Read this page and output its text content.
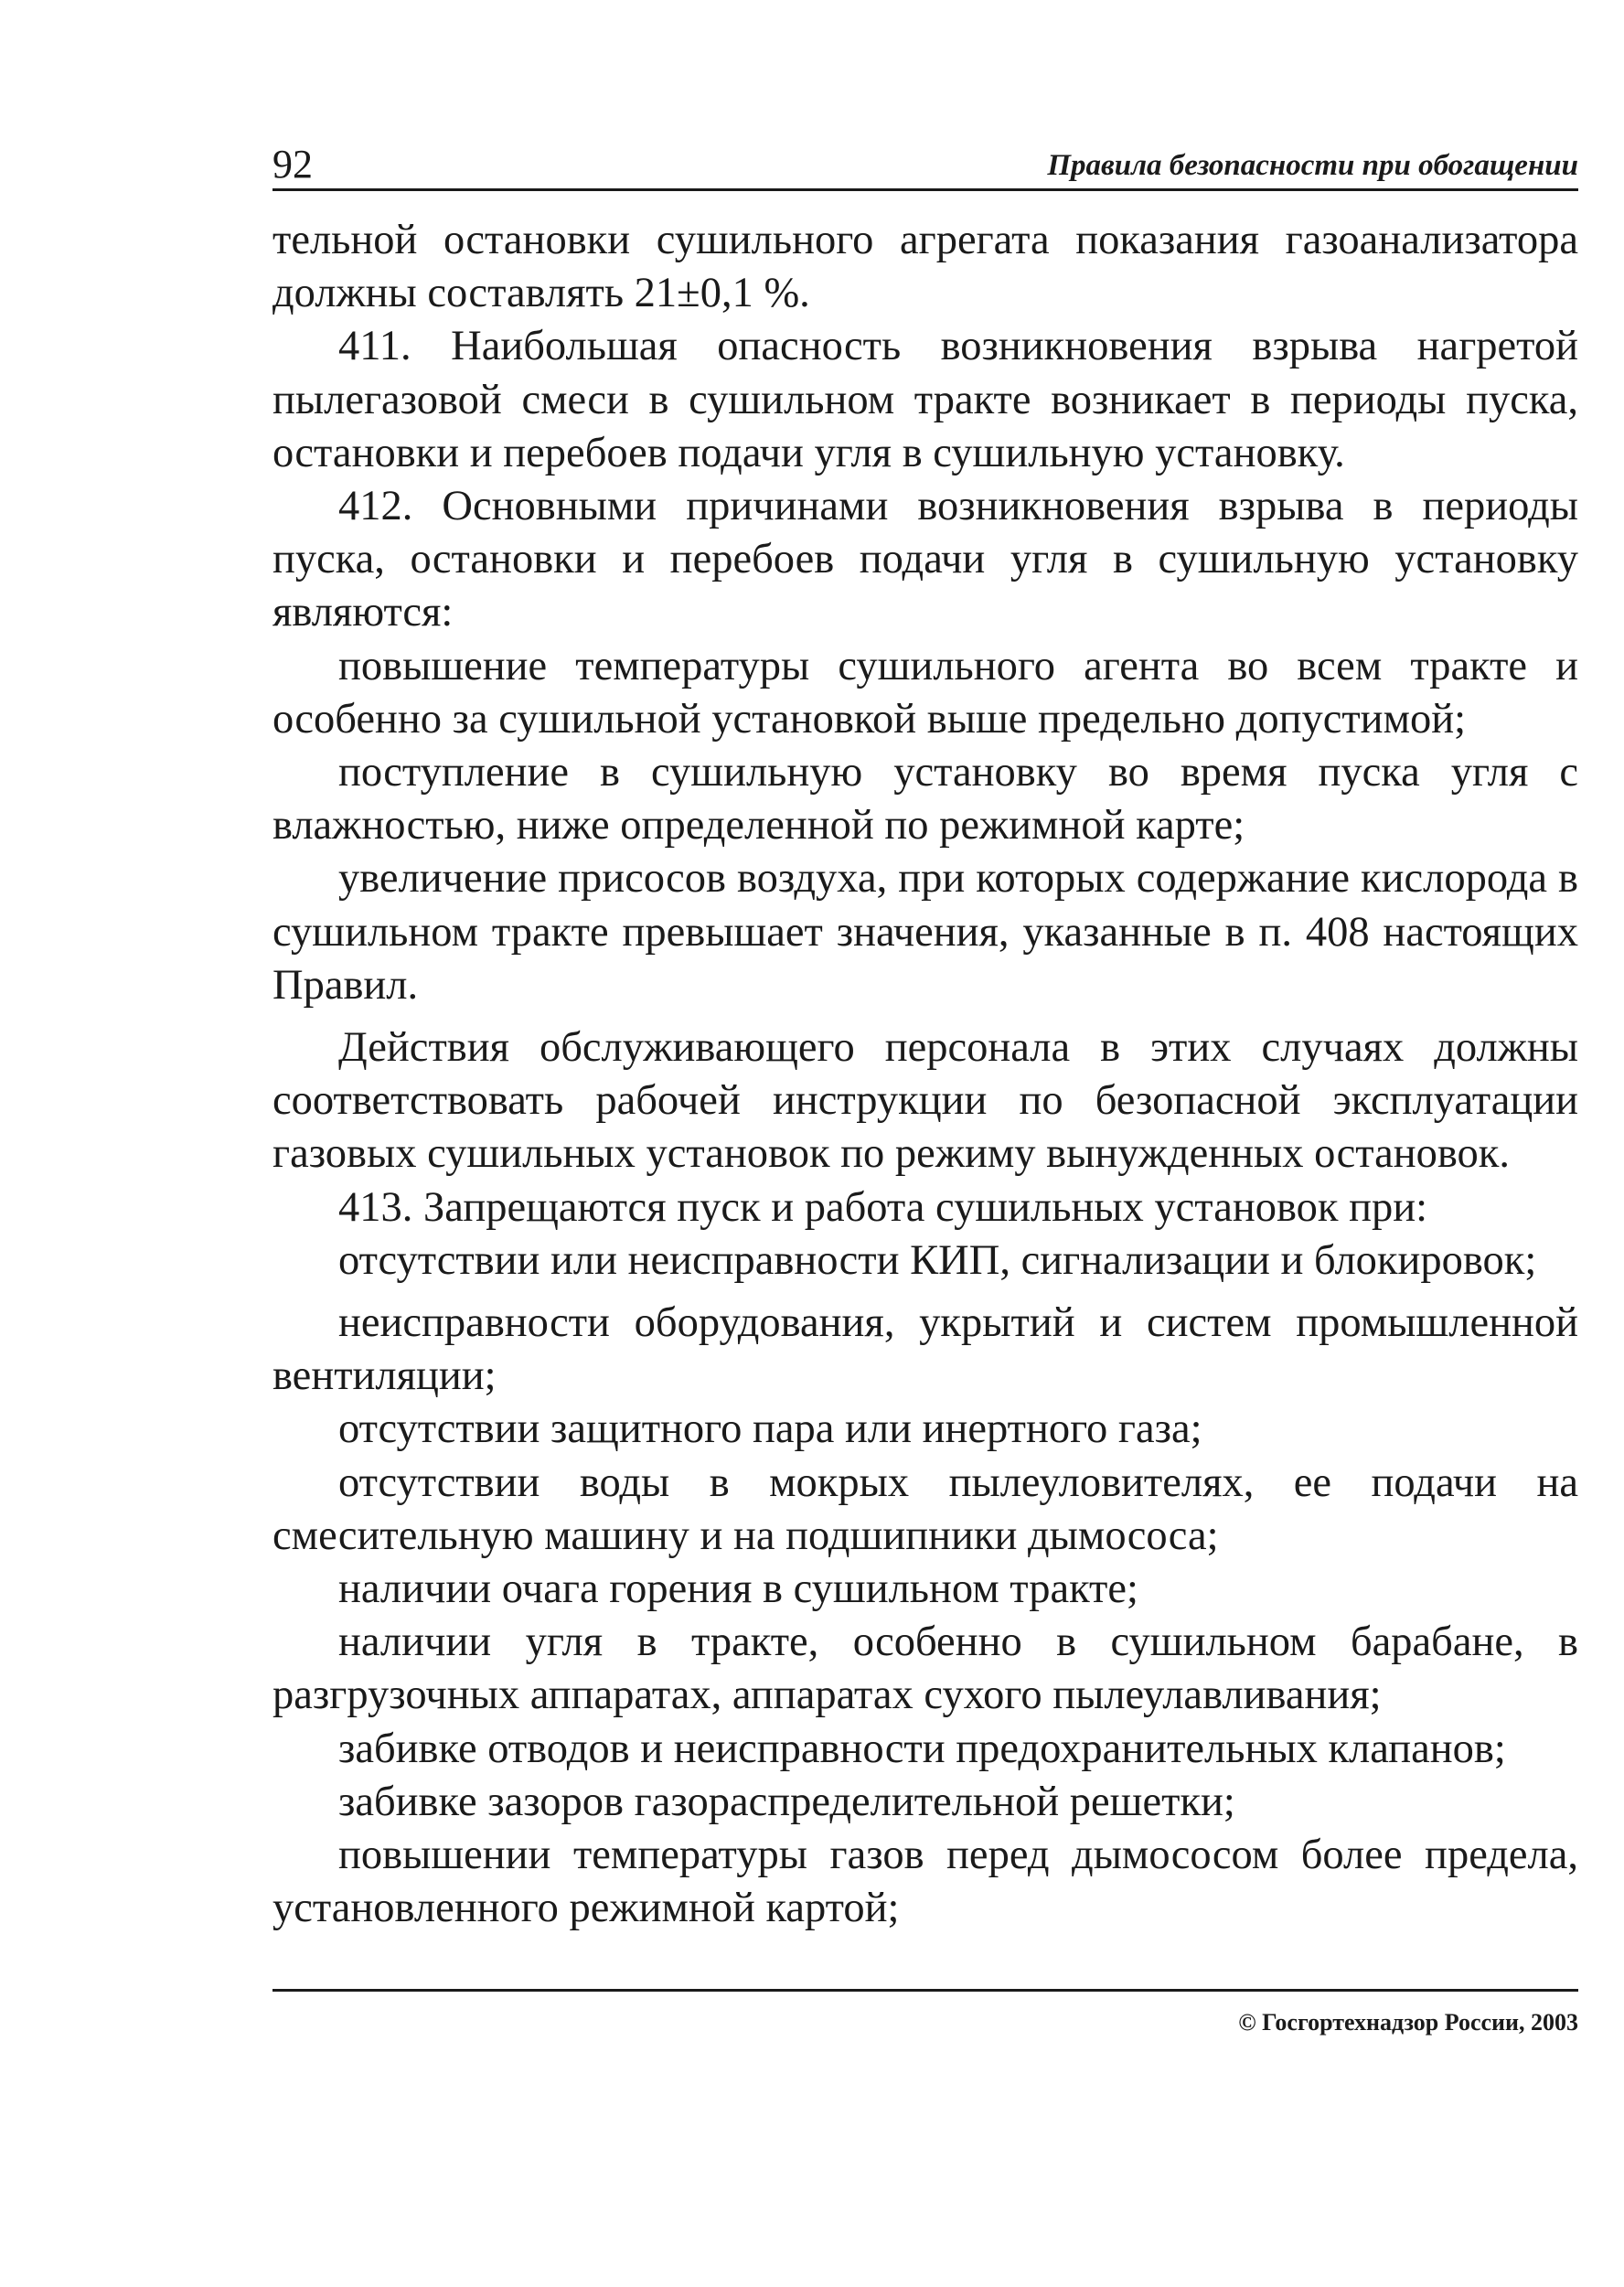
92	Правила безопасности при обогащении

тельной остановки сушильного агрегата показания газоанализатора должны составлять 21±0,1 %.

411. Наибольшая опасность возникновения взрыва нагретой пылегазовой смеси в сушильном тракте возникает в периоды пуска, остановки и перебоев подачи угля в сушильную установку.

412. Основными причинами возникновения взрыва в периоды пуска, остановки и перебоев подачи угля в сушильную установку являются:

повышение температуры сушильного агента во всем тракте и особенно за сушильной установкой выше предельно допустимой;

поступление в сушильную установку во время пуска угля с влажностью, ниже определенной по режимной карте;

увеличение присосов воздуха, при которых содержание кислорода в сушильном тракте превышает значения, указанные в п. 408 настоящих Правил.

Действия обслуживающего персонала в этих случаях должны соответствовать рабочей инструкции по безопасной эксплуатации газовых сушильных установок по режиму вынужденных остановок.

413. Запрещаются пуск и работа сушильных установок при:

отсутствии или неисправности КИП, сигнализации и блокировок;

неисправности оборудования, укрытий и систем промышленной вентиляции;

отсутствии защитного пара или инертного газа;

отсутствии воды в мокрых пылеуловителях, ее подачи на смесительную машину и на подшипники дымососа;

наличии очага горения в сушильном тракте;

наличии угля в тракте, особенно в сушильном барабане, в разгрузочных аппаратах, аппаратах сухого пылеулавливания;

забивке отводов и неисправности предохранительных клапанов;

забивке зазоров газораспределительной решетки;

повышении температуры газов перед дымососом более предела, установленного режимной картой;

© Госгортехнадзор России, 2003
